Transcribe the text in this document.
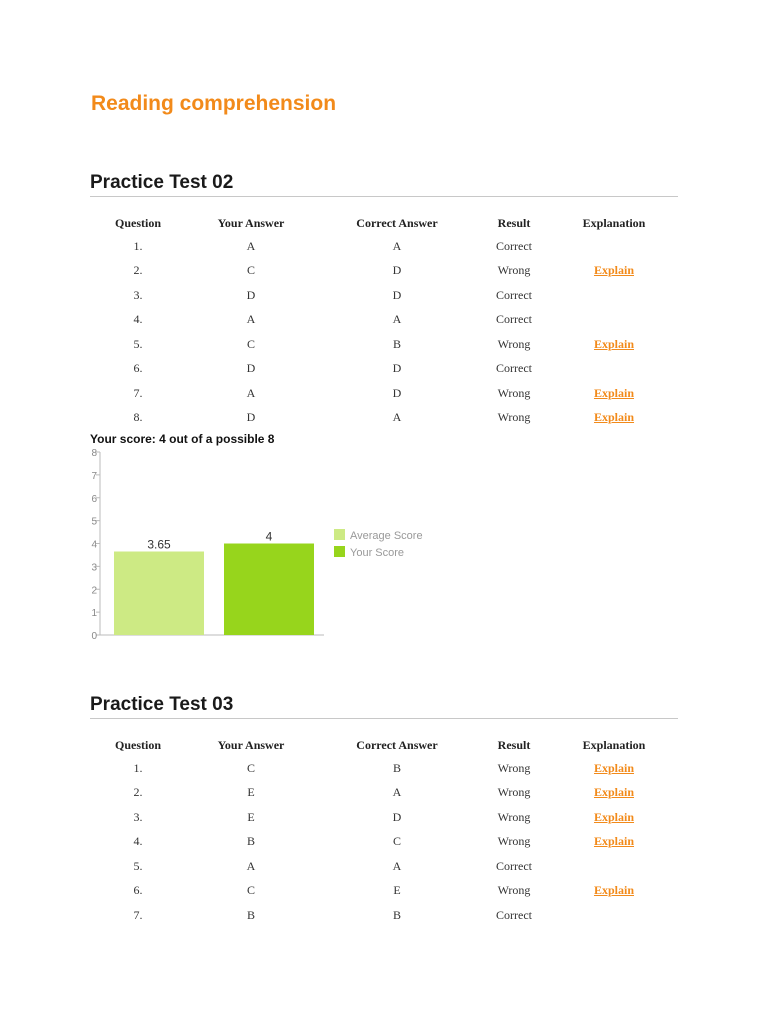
Reading comprehension
Practice Test 02
Question	Your Answer	Correct Answer	Result	Explanation
1.	A	A	Correct	
2.	C	D	Wrong	Explain
3.	D	D	Correct	
4.	A	A	Correct	
5.	C	B	Wrong	Explain
6.	D	D	Correct	
7.	A	D	Wrong	Explain
8.	D	A	Wrong	Explain
Your score: 4 out of a possible 8
0
1
2
3
4
5
6
7
8
3.65
4	Average Score
Your Score
Practice Test 03
Question	Your Answer	Correct Answer	Result	Explanation
1.	C	B	Wrong	Explain
2.	E	A	Wrong	Explain
3.	E	D	Wrong	Explain
4.	B	C	Wrong	Explain
5.	A	A	Correct	
6.	C	E	Wrong	Explain
7.	B	B	Correct	
